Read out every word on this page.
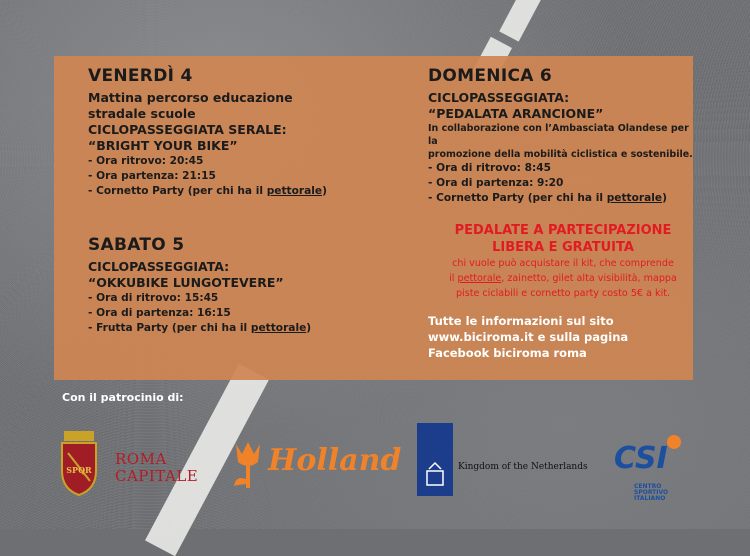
VENERDÌ 4
Mattina percorso educazione
stradale scuole
CICLOPASSEGGIATA SERALE:
“BRIGHT YOUR BIKE”
- Ora ritrovo: 20:45
- Ora partenza: 21:15
- Cornetto Party (per chi ha il pettorale)
SABATO 5
CICLOPASSEGGIATA:
“OKKUBIKE LUNGOTEVERE”
- Ora di ritrovo: 15:45
- Ora di partenza: 16:15
- Frutta Party (per chi ha il pettorale)
DOMENICA 6
CICLOPASSEGGIATA:
“PEDALATA ARANCIONE”
In collaborazione con l’Ambasciata Olandese per la
promozione della mobilità ciclistica e sostenibile.
- Ora di ritrovo: 8:45
- Ora di partenza: 9:20
- Cornetto Party (per chi ha il pettorale)
PEDALATE A PARTECIPAZIONE
LIBERA E GRATUITA
chi vuole può acquistare il kit, che comprende
il pettorale, zainetto, gilet alta visibilità, mappa
piste ciclabili e cornetto party costo 5€ a kit.
Tutte le informazioni sul sito
www.biciroma.it e sulla pagina
Facebook biciroma roma
Con il patrocinio di:
SPQR
ROMA
CAPITALE Holland	Kingdom of the Netherlands CSI
CENTRO
SPORTIVO
ITALIANO
